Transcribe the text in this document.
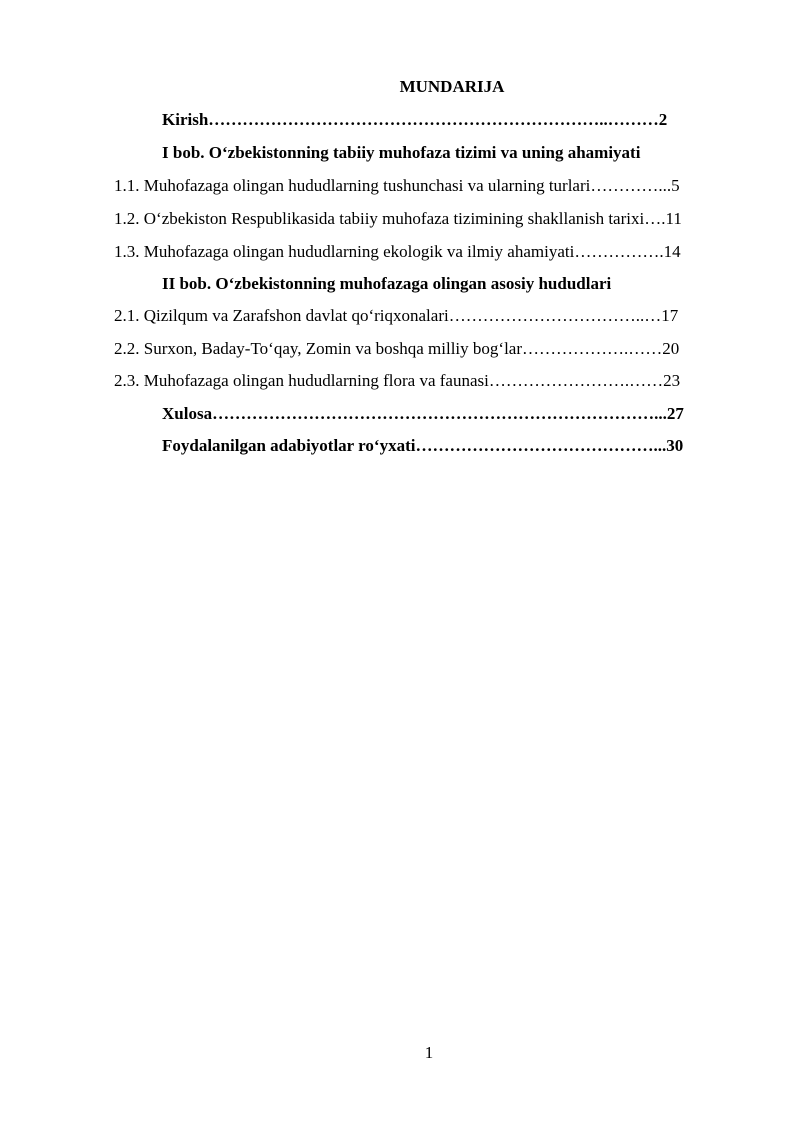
MUNDARIJA
Kirish……………………………………………………………..………2
I bob. O‘zbekistonning tabiiy muhofaza tizimi va uning ahamiyati
1.1. Muhofazaga olingan hududlarning tushunchasi va ularning turlari…………...5
1.2. O‘zbekiston Respublikasida tabiiy muhofaza tizimining shakllanish tarixi….11
1.3. Muhofazaga olingan hududlarning ekologik va ilmiy ahamiyati…………….14
II bob. O‘zbekistonning muhofazaga olingan asosiy hududlari
2.1. Qizilqum va Zarafshon davlat qo‘riqxonalari……………………………..…17
2.2. Surxon, Baday-To‘qay, Zomin va boshqa milliy bog‘lar……………….……20
2.3. Muhofazaga olingan hududlarning flora va faunasi…………………….……23
Xulosa……………………………………………………………………...27
Foydalanilgan adabiyotlar ro‘yxati……………………………………...30
1
